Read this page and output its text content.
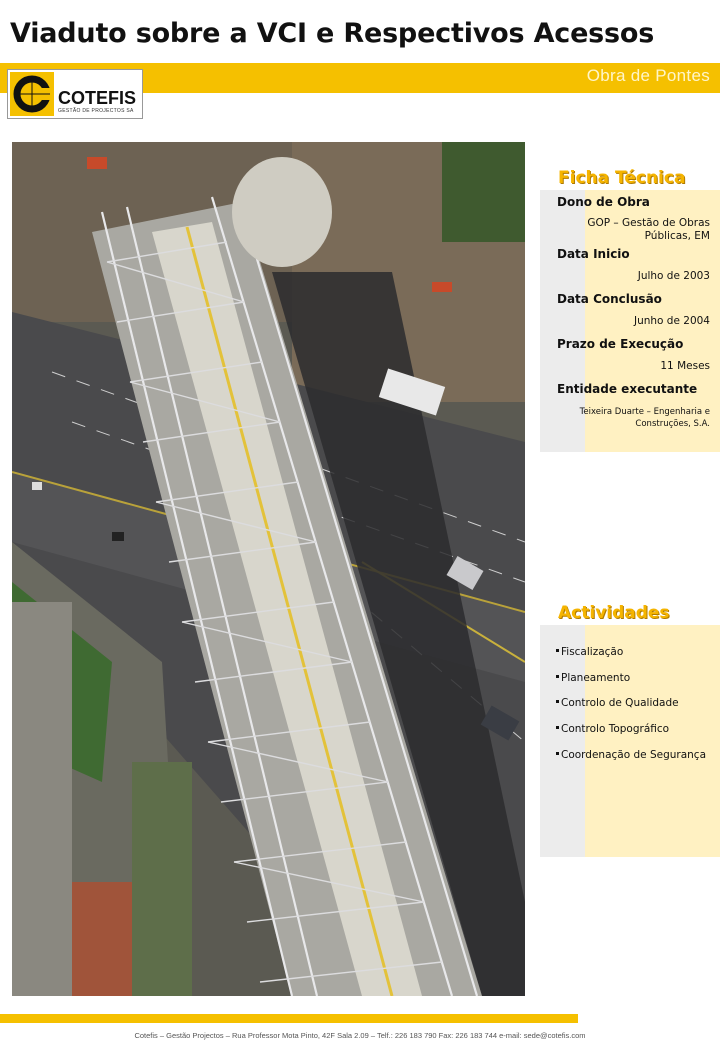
Viaduto sobre a VCI e Respectivos Acessos
Obra de Pontes
COTEFIS
GESTÃO DE PROJECTOS SA
Ficha Técnica
Dono de Obra
GOP – Gestão de Obras
Públicas, EM
Data Inicio
Julho de 2003
Data Conclusão
Junho de 2004
Prazo de Execução
11 Meses
Entidade executante
Teixeira Duarte – Engenharia e
Construções, S.A.
Actividades
Fiscalização
Planeamento
Controlo de Qualidade
Controlo Topográfico
Coordenação de Segurança
Cotefis – Gestão Projectos – Rua Professor Mota Pinto, 42F Sala 2.09 – Telf.: 226 183 790 Fax: 226 183 744 e-mail: sede@cotefis.com
